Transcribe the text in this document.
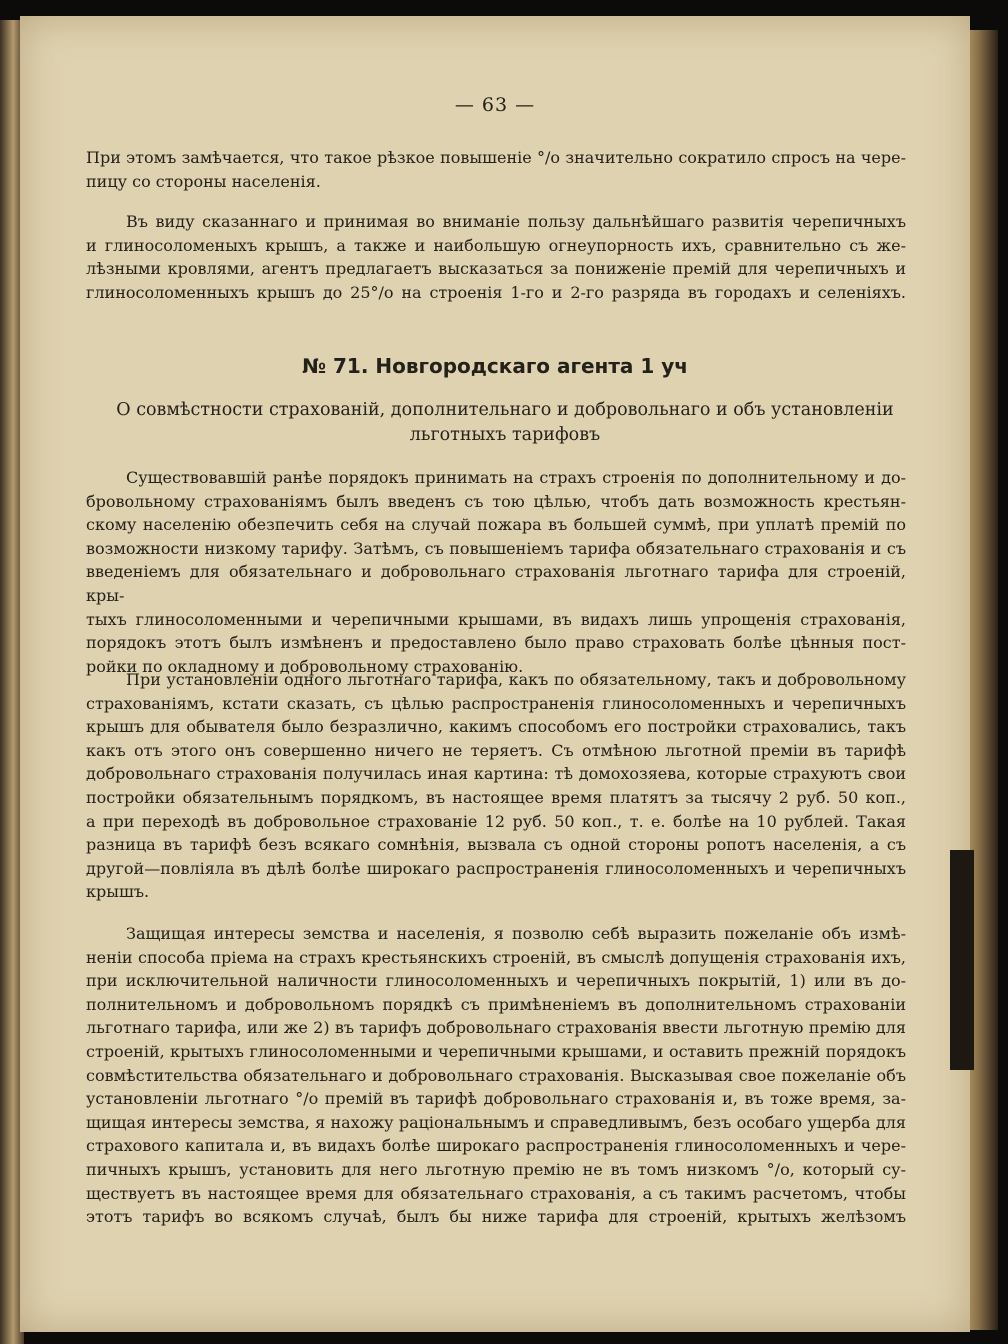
— 63 —
При этомъ замѣчается, что такое рѣзкое повышеніе °/o значительно сократило спросъ на чере-
пицу со стороны населенія.
Въ виду сказаннаго и принимая во вниманіе пользу дальнѣйшаго развитія черепичныхъ
и глиносоломеныхъ крышъ, а также и наибольшую огнеупорность ихъ, сравнительно съ же-
лѣзными кровлями, агентъ предлагаетъ высказаться за пониженіе премій для черепичныхъ и
глиносоломенныхъ крышъ до 25°/o на строенія 1-го и 2-го разряда въ городахъ и селеніяхъ.
№ 71. Новгородскаго агента 1 уч
О совмѣстности страхованій, дополнительнаго и добровольнаго и объ установленіи
льготныхъ тарифовъ
Существовавшій ранѣе порядокъ принимать на страхъ строенія по дополнительному и до-
бровольному страхованіямъ былъ введенъ съ тою цѣлью, чтобъ дать возможность крестьян-
скому населенію обезпечить себя на случай пожара въ большей суммѣ, при уплатѣ премій по
возможности низкому тарифу. Затѣмъ, съ повышеніемъ тарифа обязательнаго страхованія и съ
введеніемъ для обязательнаго и добровольнаго страхованія льготнаго тарифа для строеній, кры-
тыхъ глиносоломенными и черепичными крышами, въ видахъ лишь упрощенія страхованія,
порядокъ этотъ былъ измѣненъ и предоставлено было право страховать болѣе цѣнныя пост-
ройки по окладному и добровольному страхованію.
При установленіи одного льготнаго тарифа, какъ по обязательному, такъ и добровольному
страхованіямъ, кстати сказать, съ цѣлью распространенія глиносоломенныхъ и черепичныхъ
крышъ для обывателя было безразлично, какимъ способомъ его постройки страховались, такъ
какъ отъ этого онъ совершенно ничего не теряетъ. Съ отмѣною льготной преміи въ тарифѣ
добровольнаго страхованія получилась иная картина: тѣ домохозяева, которые страхуютъ свои
постройки обязательнымъ порядкомъ, въ настоящее время платятъ за тысячу 2 руб. 50 коп.,
а при переходѣ въ добровольное страхованіе 12 руб. 50 коп., т. е. болѣе на 10 рублей. Такая
разница въ тарифѣ безъ всякаго сомнѣнія, вызвала съ одной стороны ропотъ населенія, а съ
другой—повліяла въ дѣлѣ болѣе широкаго распространенія глиносоломенныхъ и черепичныхъ
крышъ.
Защищая интересы земства и населенія, я позволю себѣ выразить пожеланіе объ измѣ-
неніи способа пріема на страхъ крестьянскихъ строеній, въ смыслѣ допущенія страхованія ихъ,
при исключительной наличности глиносоломенныхъ и черепичныхъ покрытій, 1) или въ до-
полнительномъ и добровольномъ порядкѣ съ примѣненіемъ въ дополнительномъ страхованіи
льготнаго тарифа, или же 2) въ тарифъ добровольнаго страхованія ввести льготную премію для
строеній, крытыхъ глиносоломенными и черепичными крышами, и оставить прежній порядокъ
совмѣстительства обязательнаго и добровольнаго страхованія. Высказывая свое пожеланіе объ
установленіи льготнаго °/o премій въ тарифѣ добровольнаго страхованія и, въ тоже время, за-
щищая интересы земства, я нахожу раціональнымъ и справедливымъ, безъ особаго ущерба для
страхового капитала и, въ видахъ болѣе широкаго распространенія глиносоломенныхъ и чере-
пичныхъ крышъ, установить для него льготную премію не въ томъ низкомъ °/o, который су-
ществуетъ въ настоящее время для обязательнаго страхованія, а съ такимъ расчетомъ, чтобы
этотъ тарифъ во всякомъ случаѣ, былъ бы ниже тарифа для строеній, крытыхъ желѣзомъ
